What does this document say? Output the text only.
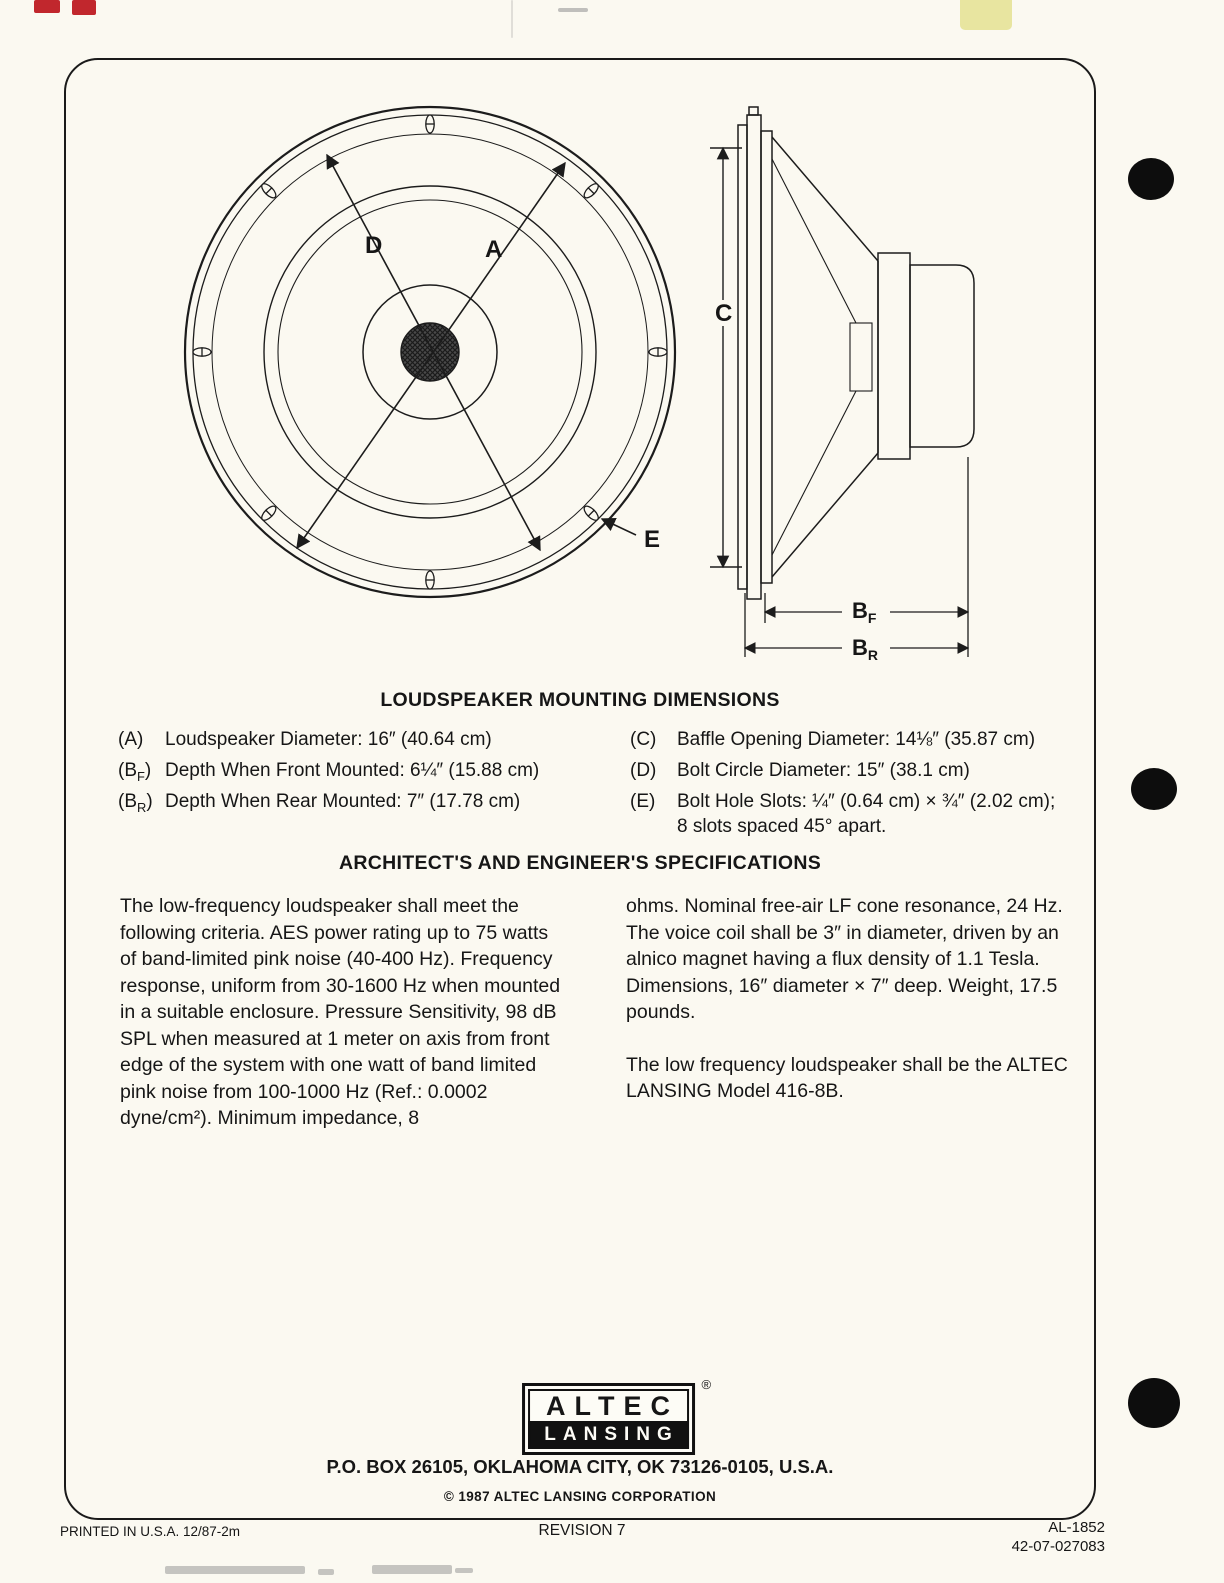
D	A
E
C
$B_F$
$B_R$
LOUDSPEAKER MOUNTING DIMENSIONS
(A)	Loudspeaker Diameter: 16″ (40.64 cm)
$(B_F)$ Depth When Front Mounted: 6¼″ (15.88 cm)
$(B_R)$ Depth When Rear Mounted: 7″ (17.78 cm)
(C)	Baffle Opening Diameter: 14⅛″ (35.87 cm)
(D)	Bolt Circle Diameter: 15″ (38.1 cm)
(E)	Bolt Hole Slots: ¼″ (0.64 cm) × ¾″ (2.02 cm); 8 slots spaced 45° apart.
ARCHITECT'S AND ENGINEER'S SPECIFICATIONS

The low-frequency loudspeaker shall meet the following criteria. AES power rating up to 75 watts of band-limited pink noise (40-400 Hz). Frequency response, uniform from 30-1600 Hz when mounted in a suitable enclosure. Pressure Sensitivity, 98 dB SPL when measured at 1 meter on axis from front edge of the system with one watt of band limited pink noise from 100-1000 Hz (Ref.: 0.0002 dyne/cm²). Minimum impedance, 8

ohms. Nominal free-air LF cone resonance, 24 Hz. The voice coil shall be 3″ in diameter, driven by an alnico magnet having a flux density of 1.1 Tesla. Dimensions, 16″ diameter × 7″ deep. Weight, 17.5 pounds.

The low frequency loudspeaker shall be the ALTEC LANSING Model 416-8B.

®
ALTEC
LANSING
P.O. BOX 26105, OKLAHOMA CITY, OK 73126-0105, U.S.A.
© 1987 ALTEC LANSING CORPORATION
PRINTED IN U.S.A. 12/87-2m	REVISION 7	AL-1852
42-07-027083
